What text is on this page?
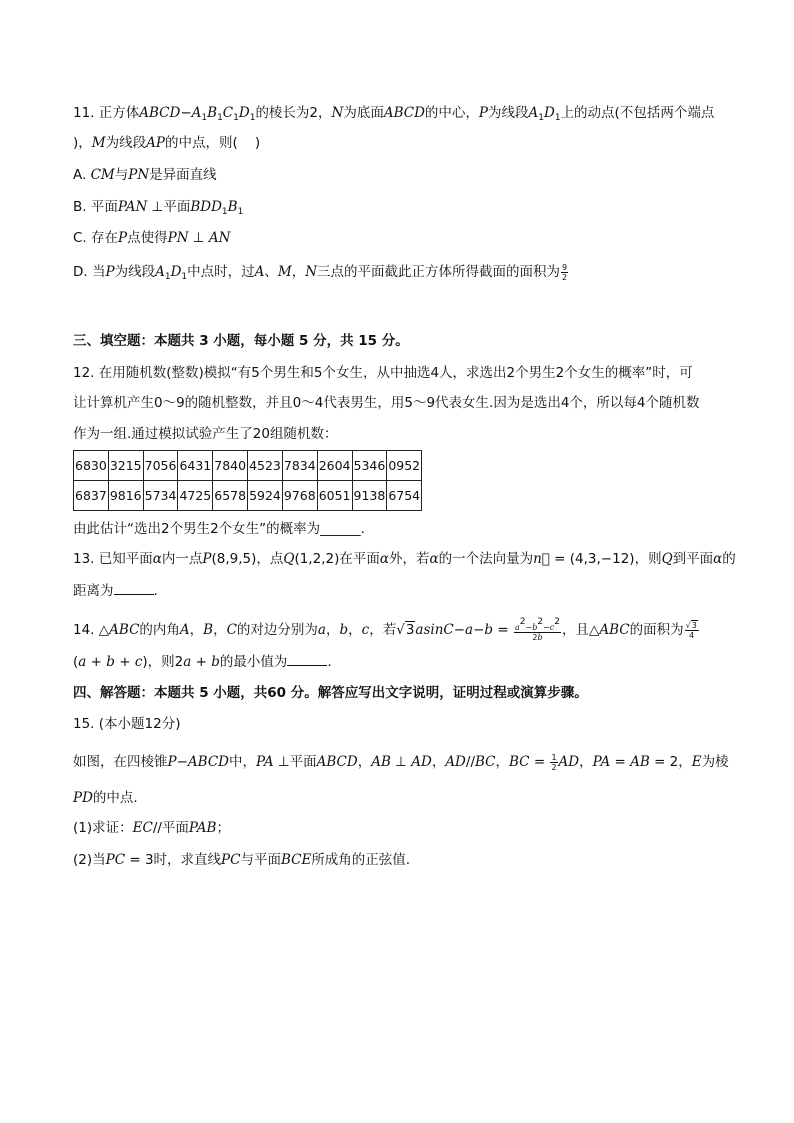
11. 正方体$ABCD-A_1B_1C_1D_1$的棱长为2，N为底面ABCD的中心，P为线段$A_1D_1$上的动点(不包括两个端点
)，M为线段AP的中点，则(    )
A. CM与PN是异面直线
B. 平面PAN ⊥平面$BDD_1B_1$
C. 存在P点使得PN ⊥ AN
D. 当P为线段$A_1D_1$中点时，过A、M，N三点的平面截此正方体所得截面的面积为 $\frac{9}{2}$
三、填空题：本题共 3 小题，每小题 5 分，共 15 分。
12. 在用随机数(整数)模拟“有5个男生和5个女生，从中抽选4人，求选出2个男生2个女生的概率”时，可
让计算机产生0～9的随机整数，并且0～4代表男生，用5～9代表女生.因为是选出4个，所以每4个随机数
作为一组.通过模拟试验产生了20组随机数：
6830	3215	7056	6431	7840	4523	7834	2604	5346	0952
6837	9816	5734	4725	6578	5924	9768	6051	9138	6754
由此估计“选出2个男生2个女生”的概率为______.
13. 已知平面α内一点P(8,9,5)，点Q(1,2,2)在平面α外，若α的一个法向量为n⃗ = (4,3,−12)，则Q到平面α的
距离为	.
14. △ABC的内角A，B，C的对边分别为a，b，c，若$√3asinC-a-b = \frac{a^2-b^2-c^2}{2b}$ ，且△ABC的面积为 $\frac{√3}{4}$
(a + b + c)，则2a + b的最小值为	.
四、解答题：本题共 5 小题，共60 分。解答应写出文字说明，证明过程或演算步骤。
15. (本小题12分)
如图，在四棱锥P−ABCD中，PA ⊥平面ABCD，AB ⊥ AD，AD//BC，BC = $\frac{1}{2}$ AD，PA = AB = 2，E为棱
PD的中点.
(1)求证：EC//平面PAB；
(2)当PC = 3时，求直线PC与平面BCE所成角的正弦值.
